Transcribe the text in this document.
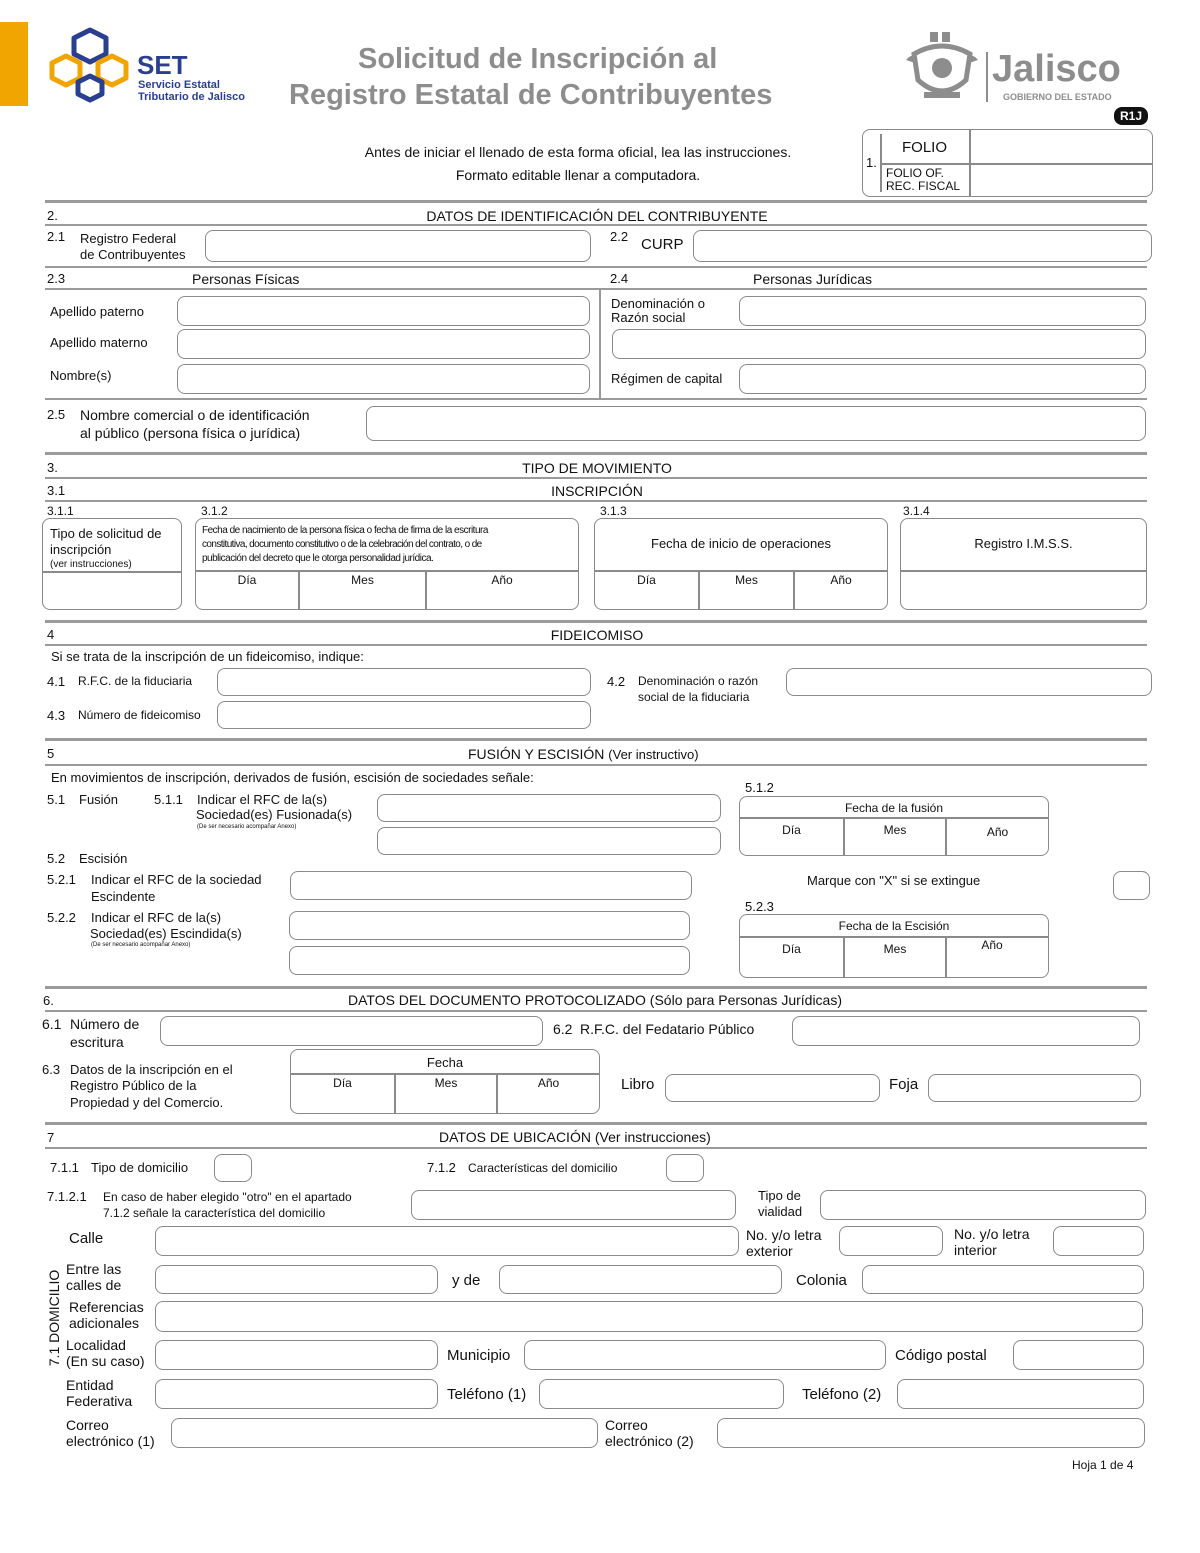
SET
Servicio Estatal
Tributario de Jalisco
Solicitud de Inscripción al
Registro Estatal de Contribuyentes
Jalisco
GOBIERNO DEL ESTADO
R1J
Antes de iniciar el llenado de esta forma oficial, lea las instrucciones.
Formato editable llenar a computadora.
1.
FOLIO
FOLIO OF.
REC. FISCAL
2.	DATOS DE IDENTIFICACIÓN DEL CONTRIBUYENTE
2.1 Registro Federal
de Contribuyentes
2.2 CURP
2.3	Personas Físicas	2.4	Personas Jurídicas
Apellido paterno
Apellido materno
Nombre(s)
Denominación o
Razón social
Régimen de capital
2.5 Nombre comercial o de identificación
al público (persona física o jurídica)
3.	TIPO DE MOVIMIENTO
3.1	INSCRIPCIÓN
3.1.1	3.1.2	3.1.3	3.1.4
Tipo de solicitud de
inscripción
(ver instrucciones)
Fecha de nacimiento de la persona física o fecha de firma de la escritura
constitutiva, documento constitutivo o de la celebración del contrato, o de
publicación del decreto que le otorga personalidad jurídica.
Día	Mes	Año
Fecha de inicio de operaciones
Día	Mes	Año
Registro I.M.S.S.
4	FIDEICOMISO
Si se trata de la inscripción de un fideicomiso, indique:
4.1 R.F.C. de la fiduciaria	4.2 Denominación o razón
social de la fiduciaria
4.3 Número de fideicomiso
5	FUSIÓN Y ESCISIÓN (Ver instructivo)
En movimientos de inscripción, derivados de fusión, escisión de sociedades señale:
5.1 Fusión	5.1.1 Indicar el RFC de la(s)
Sociedad(es) Fusionada(s)
(De ser necesario acompañar Anexo)
5.1.2
Fecha de la fusión
Día	Mes	Año
5.2 Escisión
5.2.1 Indicar el RFC de la sociedad
Escindente
Marque con "X" si se extingue
5.2.2 Indicar el RFC de la(s)
Sociedad(es) Escindida(s)
(De ser necesario acompañar Anexo)
5.2.3
Fecha de la Escisión
Día	Mes	Año
6.	DATOS DEL DOCUMENTO PROTOCOLIZADO (Sólo para Personas Jurídicas)
6.1 Número de
escritura
6.2 R.F.C. del Fedatario Público
6.3 Datos de la inscripción en el
Registro Público de la
Propiedad y del Comercio.
Fecha
Día	Mes	Año	Libro	Foja
7	DATOS DE UBICACIÓN (Ver instrucciones)
7.1.1 Tipo de domicilio	7.1.2 Características del domicilio
7.1.2.1 En caso de haber elegido "otro" en el apartado
7.1.2 señale la característica del domicilio
Tipo de
vialidad
7.1 DOMICILIO
Calle	No. y/o letra
exterior
No. y/o letra
interior
Entre las
calles de	y de	Colonia
Referencias
adicionales
Localidad
(En su caso)	Municipio	Código postal
Entidad
Federativa	Teléfono (1)	Teléfono (2)
Correo
electrónico (1)
Correo
electrónico (2)
Hoja 1 de 4
